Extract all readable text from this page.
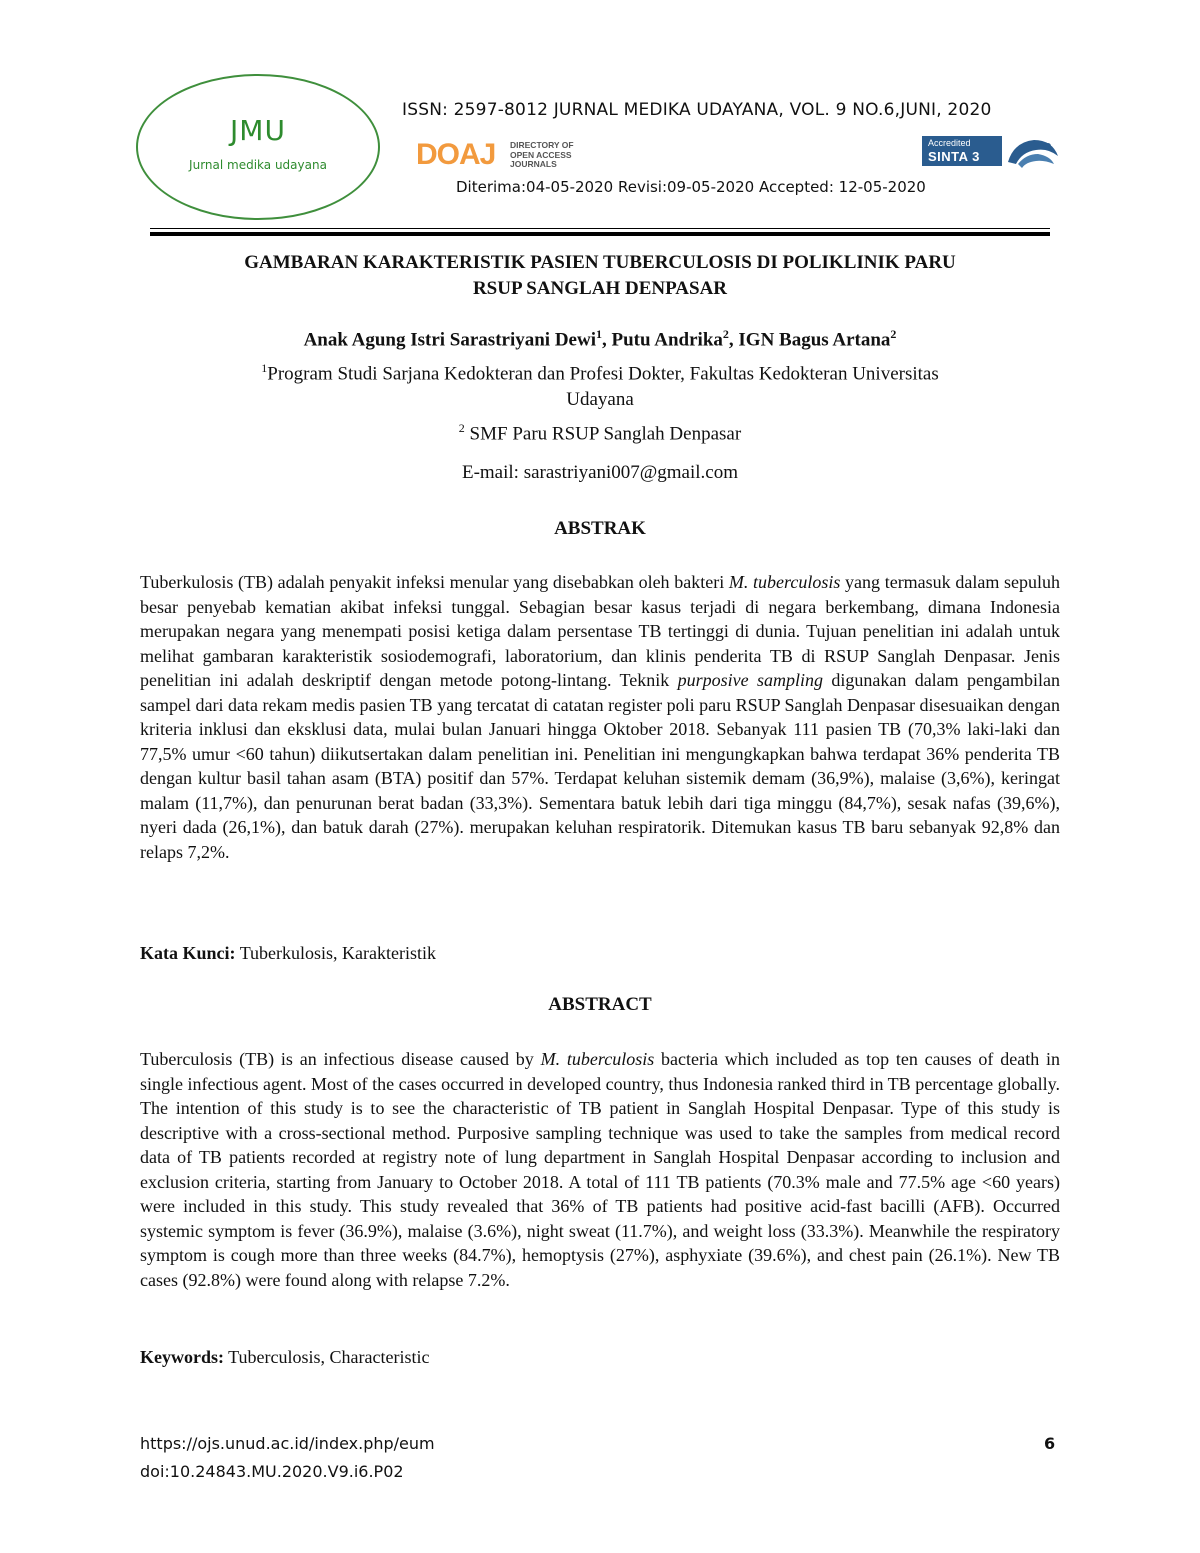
JMU
Jurnal medika udayana
ISSN: 2597-8012 JURNAL MEDIKA UDAYANA, VOL. 9 NO.6,JUNI, 2020
DOAJ DIRECTORY OF
OPEN ACCESS
JOURNALS
Accredited
SINTA 3
Diterima:04-05-2020 Revisi:09-05-2020 Accepted: 12-05-2020
GAMBARAN KARAKTERISTIK PASIEN TUBERCULOSIS DI POLIKLINIK PARU
RSUP SANGLAH DENPASAR
Anak Agung Istri Sarastriyani Dewi$^1$, Putu Andrika$^2$, IGN Bagus Artana$^2$
$^1$Program Studi Sarjana Kedokteran dan Profesi Dokter, Fakultas Kedokteran Universitas
Udayana
$^2$ SMF Paru RSUP Sanglah Denpasar
E-mail: sarastriyani007@gmail.com
ABSTRAK
Tuberkulosis (TB) adalah penyakit infeksi menular yang disebabkan oleh bakteri M. tuberculosis yang termasuk dalam sepuluh besar penyebab kematian akibat infeksi tunggal. Sebagian besar kasus terjadi di negara berkembang, dimana Indonesia merupakan negara yang menempati posisi ketiga dalam persentase TB tertinggi di dunia. Tujuan penelitian ini adalah untuk melihat gambaran karakteristik sosiodemografi, laboratorium, dan klinis penderita TB di RSUP Sanglah Denpasar. Jenis penelitian ini adalah deskriptif dengan metode potong-lintang. Teknik purposive sampling digunakan dalam pengambilan sampel dari data rekam medis pasien TB yang tercatat di catatan register poli paru RSUP Sanglah Denpasar disesuaikan dengan kriteria inklusi dan eksklusi data, mulai bulan Januari hingga Oktober 2018. Sebanyak 111 pasien TB (70,3% laki-laki dan 77,5% umur <60 tahun) diikutsertakan dalam penelitian ini. Penelitian ini mengungkapkan bahwa terdapat 36% penderita TB dengan kultur basil tahan asam (BTA) positif dan 57%. Terdapat keluhan sistemik demam (36,9%), malaise (3,6%), keringat malam (11,7%), dan penurunan berat badan (33,3%). Sementara batuk lebih dari tiga minggu (84,7%), sesak nafas (39,6%), nyeri dada (26,1%), dan batuk darah (27%). merupakan keluhan respiratorik. Ditemukan kasus TB baru sebanyak 92,8% dan relaps 7,2%.
Kata Kunci: Tuberkulosis, Karakteristik
ABSTRACT
Tuberculosis (TB) is an infectious disease caused by M. tuberculosis bacteria which included as top ten causes of death in single infectious agent. Most of the cases occurred in developed country, thus Indonesia ranked third in TB percentage globally. The intention of this study is to see the characteristic of TB patient in Sanglah Hospital Denpasar. Type of this study is descriptive with a cross-sectional method. Purposive sampling technique was used to take the samples from medical record data of TB patients recorded at registry note of lung department in Sanglah Hospital Denpasar according to inclusion and exclusion criteria, starting from January to October 2018. A total of 111 TB patients (70.3% male and 77.5% age <60 years) were included in this study. This study revealed that 36% of TB patients had positive acid-fast bacilli (AFB). Occurred systemic symptom is fever (36.9%), malaise (3.6%), night sweat (11.7%), and weight loss (33.3%). Meanwhile the respiratory symptom is cough more than three weeks (84.7%), hemoptysis (27%), asphyxiate (39.6%), and chest pain (26.1%). New TB cases (92.8%) were found along with relapse 7.2%.
Keywords: Tuberculosis, Characteristic
https://ojs.unud.ac.id/index.php/eum
doi:10.24843.MU.2020.V9.i6.P02
6
